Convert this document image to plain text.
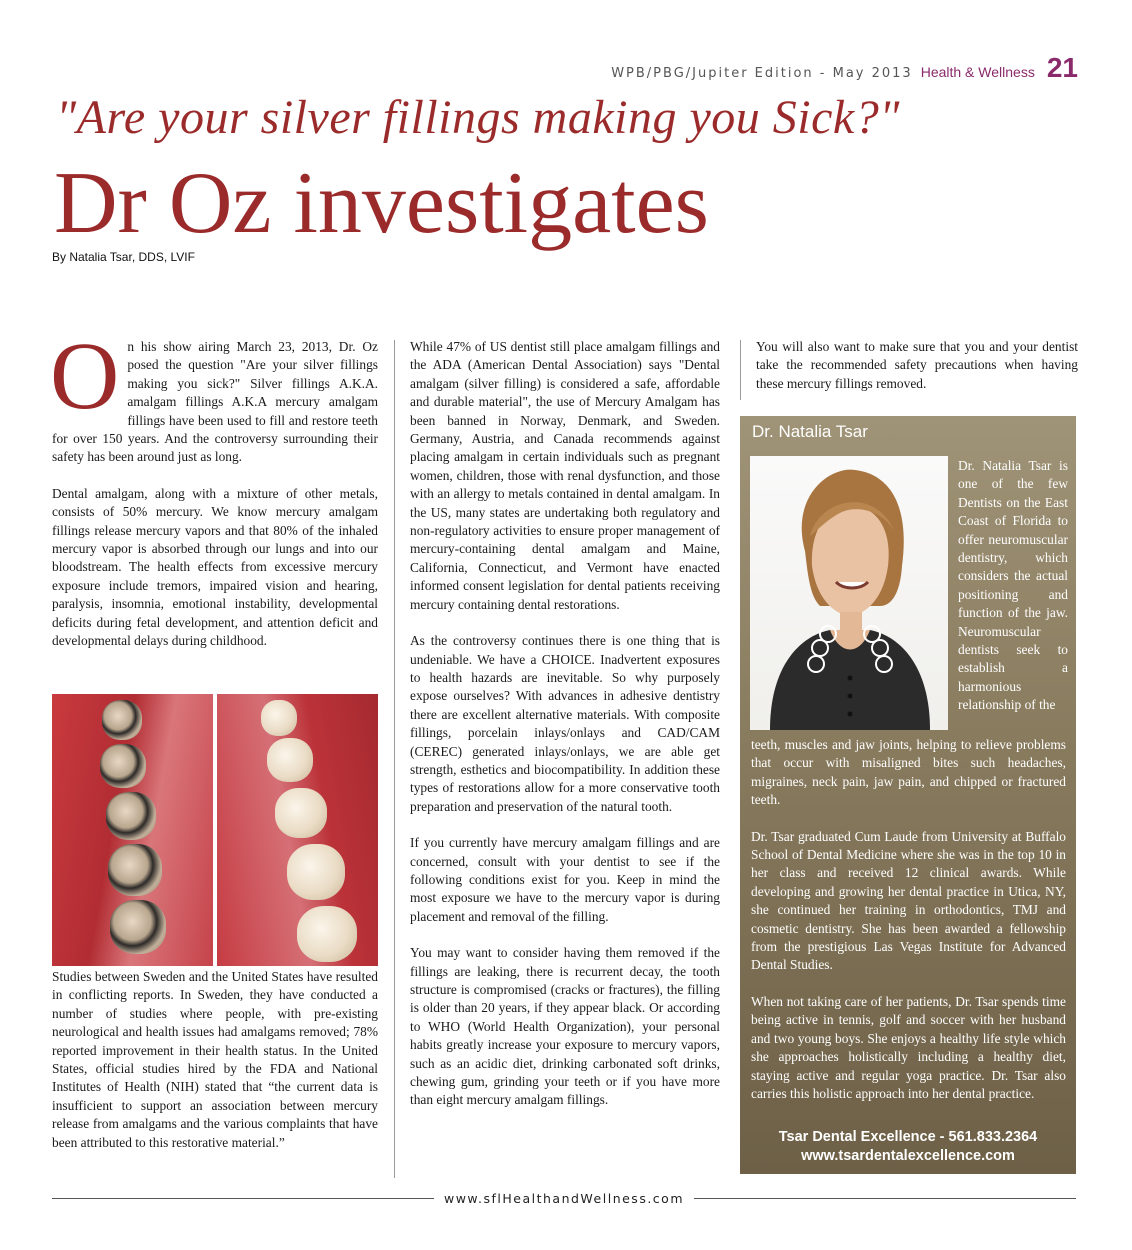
WPB/PBG/Jupiter Edition - May 2013 Health & Wellness 21
"Are your silver fillings making you Sick?"
Dr Oz investigates
By Natalia Tsar, DDS, LVIF

On his show airing March 23, 2013, Dr. Oz posed the question "Are your silver fillings making you sick?" Silver fillings A.K.A. amalgam fillings A.K.A mercury amalgam fillings have been used to fill and restore teeth for over 150 years. And the controversy surrounding their safety has been around just as long.

Dental amalgam, along with a mixture of other metals, consists of 50% mercury. We know mercury amalgam fillings release mercury vapors and that 80% of the inhaled mercury vapor is absorbed through our lungs and into our bloodstream. The health effects from excessive mercury exposure include tremors, impaired vision and hearing, paralysis, insomnia, emotional instability, developmental deficits during fetal development, and attention deficit and developmental delays during childhood.

Studies between Sweden and the United States have resulted in conflicting reports. In Sweden, they have conducted a number of studies where people, with pre-existing neurological and health issues had amalgams removed; 78% reported improvement in their health status. In the United States, official studies hired by the FDA and National Institutes of Health (NIH) stated that “the current data is insufficient to support an association between mercury release from amalgams and the various complaints that have been attributed to this restorative material.”

While 47% of US dentist still place amalgam fillings and the ADA (American Dental Association) says "Dental amalgam (silver filling) is considered a safe, affordable and durable material", the use of Mercury Amalgam has been banned in Norway, Denmark, and Sweden. Germany, Austria, and Canada recommends against placing amalgam in certain individuals such as pregnant women, children, those with renal dysfunction, and those with an allergy to metals contained in dental amalgam. In the US, many states are undertaking both regulatory and non-regulatory activities to ensure proper management of mercury-containing dental amalgam and Maine, California, Connecticut, and Vermont have enacted informed consent legislation for dental patients receiving mercury containing dental restorations.

As the controversy continues there is one thing that is undeniable. We have a CHOICE. Inadvertent exposures to health hazards are inevitable. So why purposely expose ourselves? With advances in adhesive dentistry there are excellent alternative materials. With composite fillings, porcelain inlays/onlays and CAD/CAM (CEREC) generated inlays/onlays, we are able get strength, esthetics and biocompatibility. In addition these types of restorations allow for a more conservative tooth preparation and preservation of the natural tooth.

If you currently have mercury amalgam fillings and are concerned, consult with your dentist to see if the following conditions exist for you. Keep in mind the most exposure we have to the mercury vapor is during placement and removal of the filling.

You may want to consider having them removed if the fillings are leaking, there is recurrent decay, the tooth structure is compromised (cracks or fractures), the filling is older than 20 years, if they appear black. Or according to WHO (World Health Organization), your personal habits greatly increase your exposure to mercury vapors, such as an acidic diet, drinking carbonated soft drinks, chewing gum, grinding your teeth or if you have more than eight mercury amalgam fillings.

You will also want to make sure that you and your dentist take the recommended safety precautions when having these mercury fillings removed.

Dr. Natalia Tsar
Dr. Natalia Tsar is one of the few Dentists on the East Coast of Florida to offer neuromuscular dentistry, which considers the actual positioning and function of the jaw. Neuromuscular dentists seek to establish a harmonious relationship of the

teeth, muscles and jaw joints, helping to relieve problems that occur with misaligned bites such headaches, migraines, neck pain, jaw pain, and chipped or fractured teeth.

Dr. Tsar graduated Cum Laude from University at Buffalo School of Dental Medicine where she was in the top 10 in her class and received 12 clinical awards. While developing and growing her dental practice in Utica, NY, she continued her training in orthodontics, TMJ and cosmetic dentistry. She has been awarded a fellowship from the prestigious Las Vegas Institute for Advanced Dental Studies.

When not taking care of her patients, Dr. Tsar spends time being active in tennis, golf and soccer with her husband and two young boys. She enjoys a healthy life style which she approaches holistically including a healthy diet, staying active and regular yoga practice. Dr. Tsar also carries this holistic approach into her dental practice.

Tsar Dental Excellence - 561.833.2364
www.tsardentalexcellence.com
www.sflHealthandWellness.com
